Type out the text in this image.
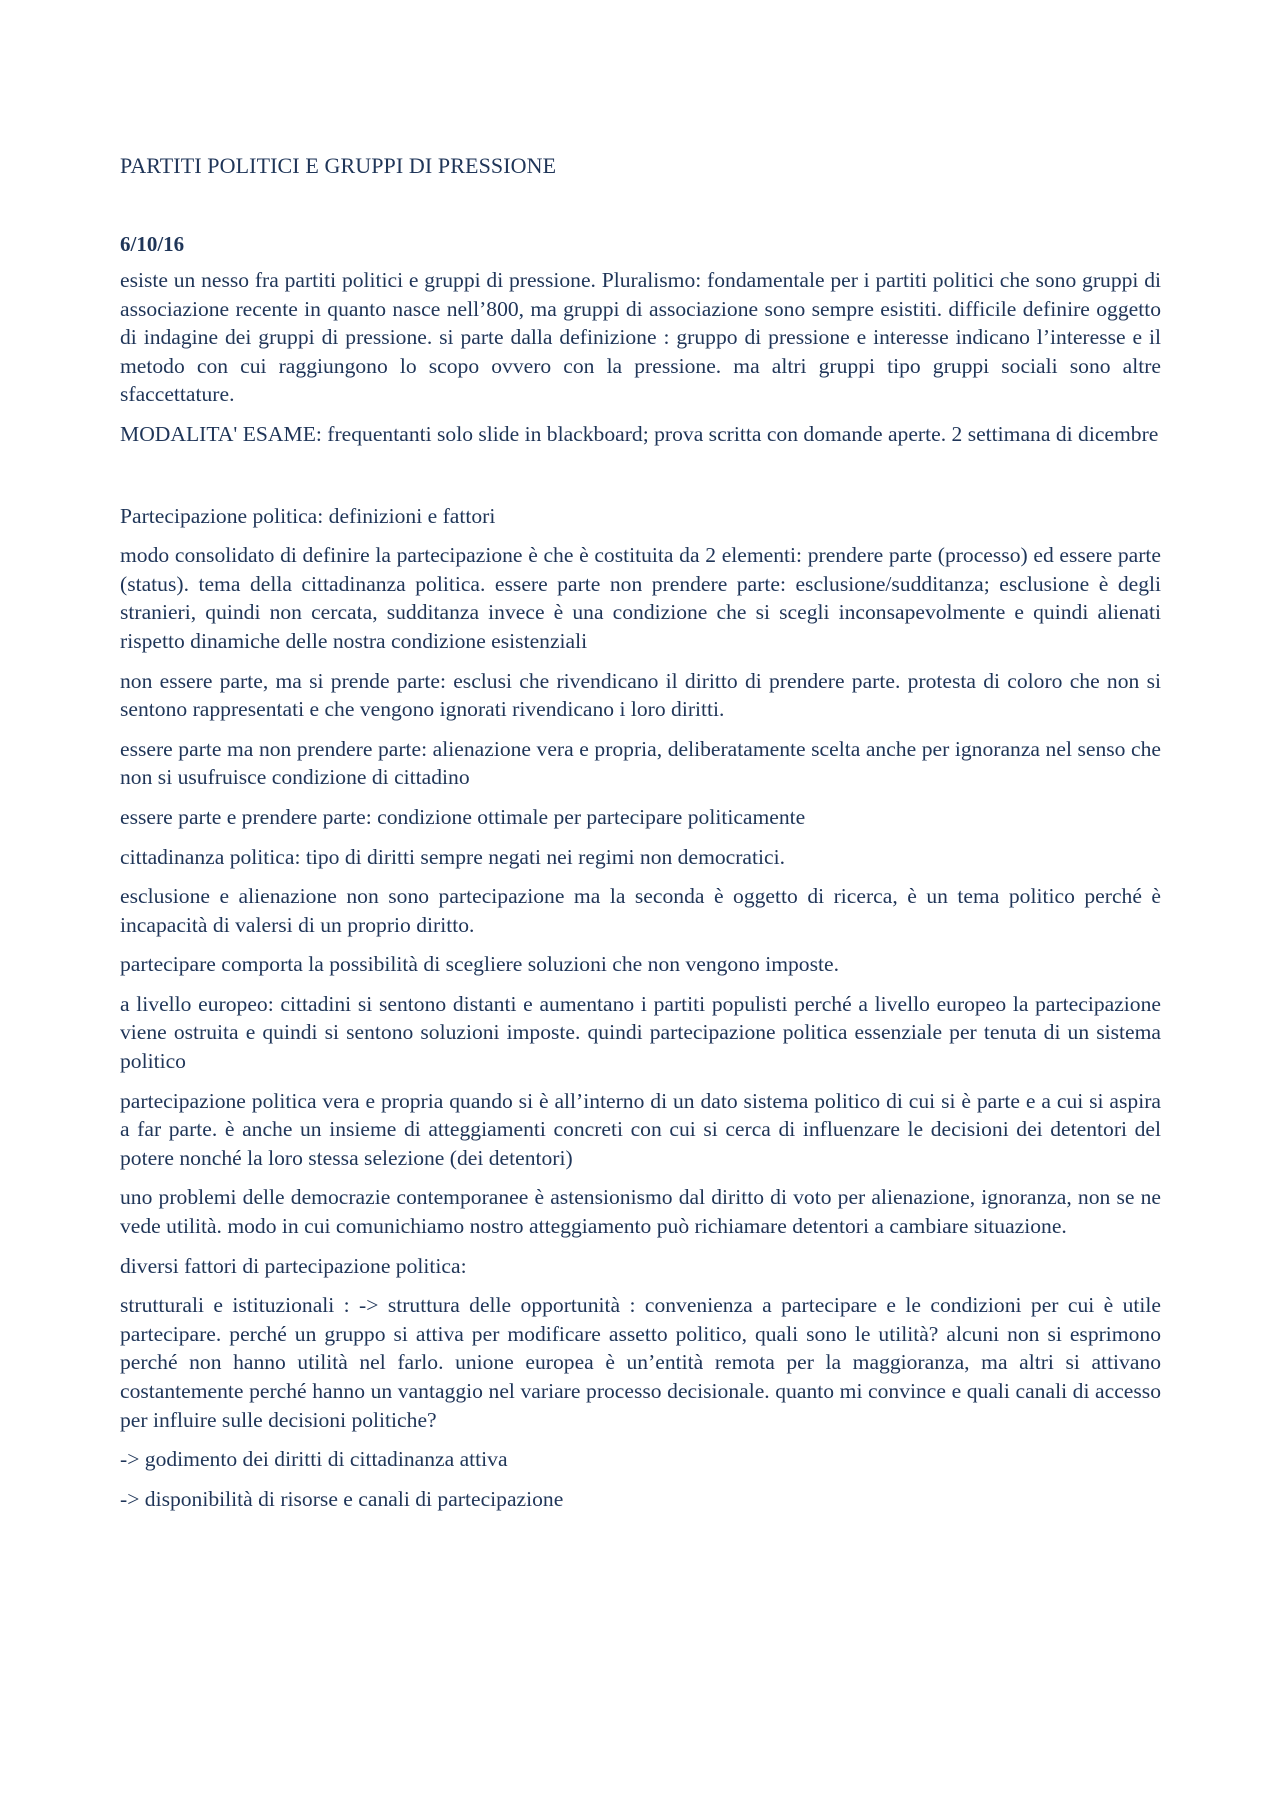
PARTITI POLITICI E GRUPPI DI PRESSIONE
6/10/16

esiste un nesso fra partiti politici e gruppi di pressione. Pluralismo: fondamentale per i partiti politici che sono gruppi di associazione recente in quanto nasce nell’800, ma gruppi di associazione sono sempre esistiti. difficile definire oggetto di indagine dei gruppi di pressione. si parte dalla definizione : gruppo di pressione e interesse indicano l’interesse e il metodo con cui raggiungono lo scopo ovvero con la pressione. ma altri gruppi tipo gruppi sociali sono altre sfaccettature.

MODALITA' ESAME: frequentanti solo slide in blackboard; prova scritta con domande aperte. 2 settimana di dicembre

Partecipazione politica: definizioni e fattori

modo consolidato di definire la partecipazione è che è costituita da 2 elementi: prendere parte (processo) ed essere parte (status). tema della cittadinanza politica. essere parte non prendere parte: esclusione/sudditanza; esclusione è degli stranieri, quindi non cercata, sudditanza invece è una condizione che si scegli inconsapevolmente e quindi alienati rispetto dinamiche delle nostra condizione esistenziali

non essere parte, ma si prende parte: esclusi che rivendicano il diritto di prendere parte. protesta di coloro che non si sentono rappresentati e che vengono ignorati rivendicano i loro diritti.

essere parte ma non prendere parte: alienazione vera e propria, deliberatamente scelta anche per ignoranza nel senso che non si usufruisce condizione di cittadino

essere parte e prendere parte: condizione ottimale per partecipare politicamente

cittadinanza politica: tipo di diritti sempre negati nei regimi non democratici.

esclusione e alienazione non sono partecipazione ma la seconda è oggetto di ricerca, è un tema politico perché è incapacità di valersi di un proprio diritto.

partecipare comporta la possibilità di scegliere soluzioni che non vengono imposte.

a livello europeo: cittadini si sentono distanti e aumentano i partiti populisti perché a livello europeo la partecipazione viene ostruita e quindi si sentono soluzioni imposte. quindi partecipazione politica essenziale per tenuta di un sistema politico

partecipazione politica vera e propria quando si è all’interno di un dato sistema politico di cui si è parte e a cui si aspira a far parte. è anche un insieme di atteggiamenti concreti con cui si cerca di influenzare le decisioni dei detentori del potere nonché la loro stessa selezione (dei detentori)

uno problemi delle democrazie contemporanee è astensionismo dal diritto di voto per alienazione, ignoranza, non se ne vede utilità. modo in cui comunichiamo nostro atteggiamento può richiamare detentori a cambiare situazione.

diversi fattori di partecipazione politica:

strutturali e istituzionali : -> struttura delle opportunità : convenienza a partecipare e le condizioni per cui è utile partecipare. perché un gruppo si attiva per modificare assetto politico, quali sono le utilità? alcuni non si esprimono perché non hanno utilità nel farlo. unione europea è un’entità remota per la maggioranza, ma altri si attivano costantemente perché hanno un vantaggio nel variare processo decisionale. quanto mi convince e quali canali di accesso per influire sulle decisioni politiche?

-> godimento dei diritti di cittadinanza attiva

-> disponibilità di risorse e canali di partecipazione
